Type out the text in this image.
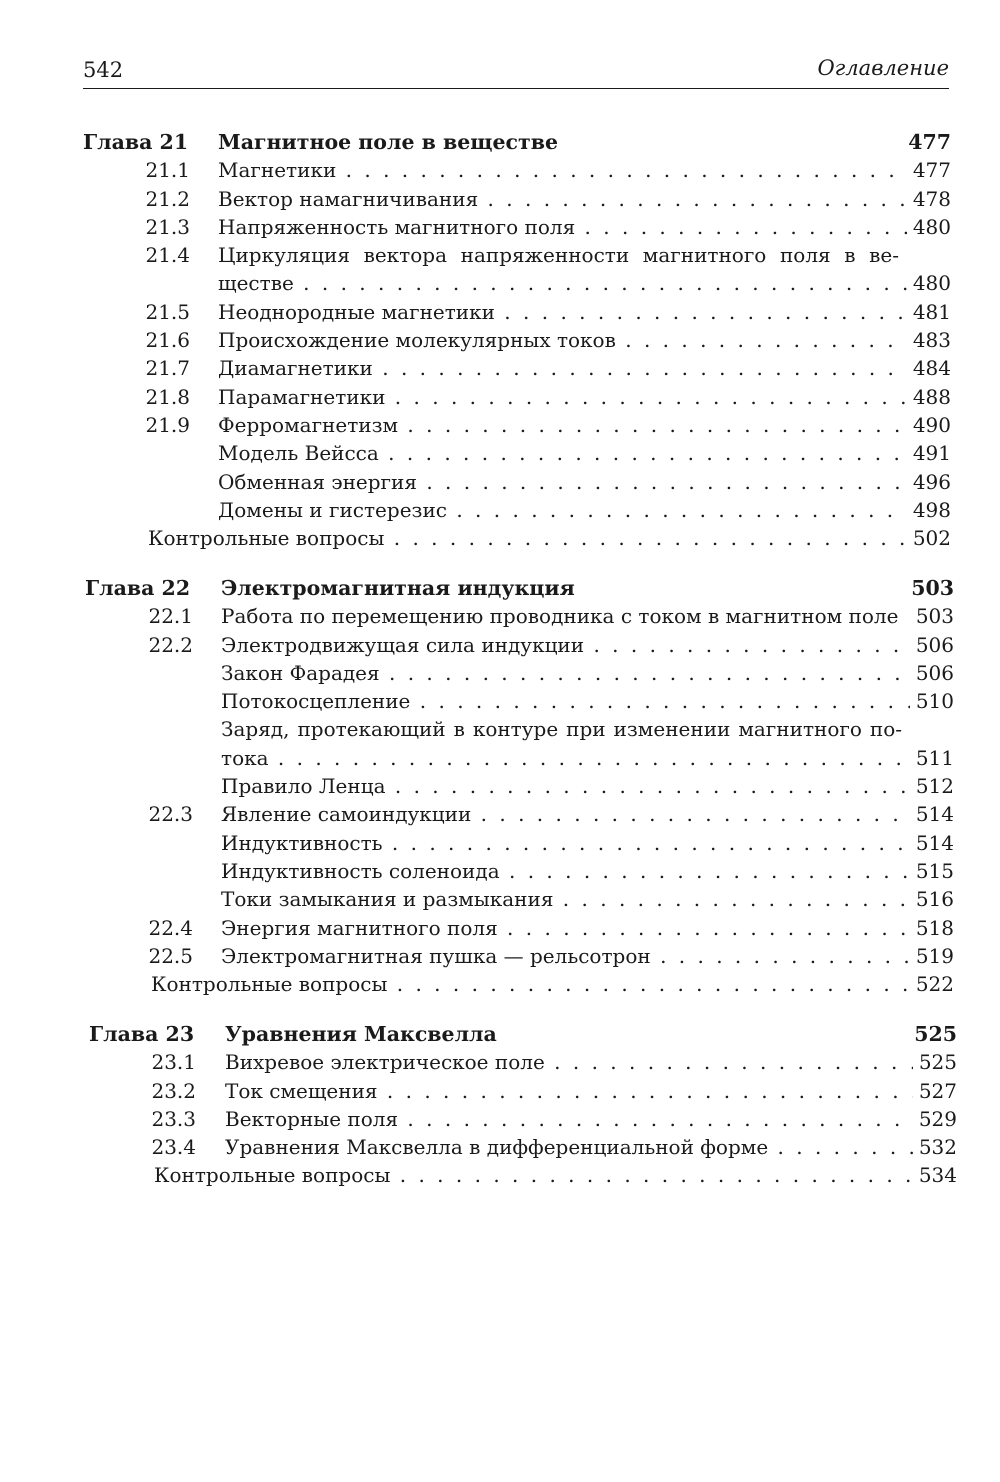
542	Оглавление
Глава 21 Магнитное поле в веществе	477
21.1 Магнетики . . .	477
21.2 Вектор намагничивания . . .	478
21.3 Напряженность магнитного поля . . .	480
21.4 Циркуляция вектора напряженности магнитного поля в ве-
ществе . . .	480
21.5 Неоднородные магнетики . . .	481
21.6 Происхождение молекулярных токов . . .	483
21.7 Диамагнетики . . .	484
21.8 Парамагнетики . . .	488
21.9 Ферромагнетизм . . .	490
Модель Вейсса . . .	491
Обменная энергия . . .	496
Домены и гистерезис . . .	498
Контрольные вопросы . . .	502
Глава 22 Электромагнитная индукция	503
22.1 Работа по перемещению проводника с током в магнитном поле 503
22.2 Электродвижущая сила индукции . . .	506
Закон Фарадея . . .	506
Потокосцепление . . .	510
Заряд, протекающий в контуре при изменении магнитного по-
тока . . .	511
Правило Ленца . . .	512
22.3 Явление самоиндукции . . .	514
Индуктивность . . .	514
Индуктивность соленоида . . .	515
Токи замыкания и размыкания . . .	516
22.4 Энергия магнитного поля . . .	518
22.5 Электромагнитная пушка — рельсотрон . . .	519
Контрольные вопросы . . .	522
Глава 23 Уравнения Максвелла	525
23.1 Вихревое электрическое поле . . .	525
23.2 Ток смещения . . .	527
23.3 Векторные поля . . .	529
23.4 Уравнения Максвелла в дифференциальной форме . . .	532
Контрольные вопросы . . .	534
